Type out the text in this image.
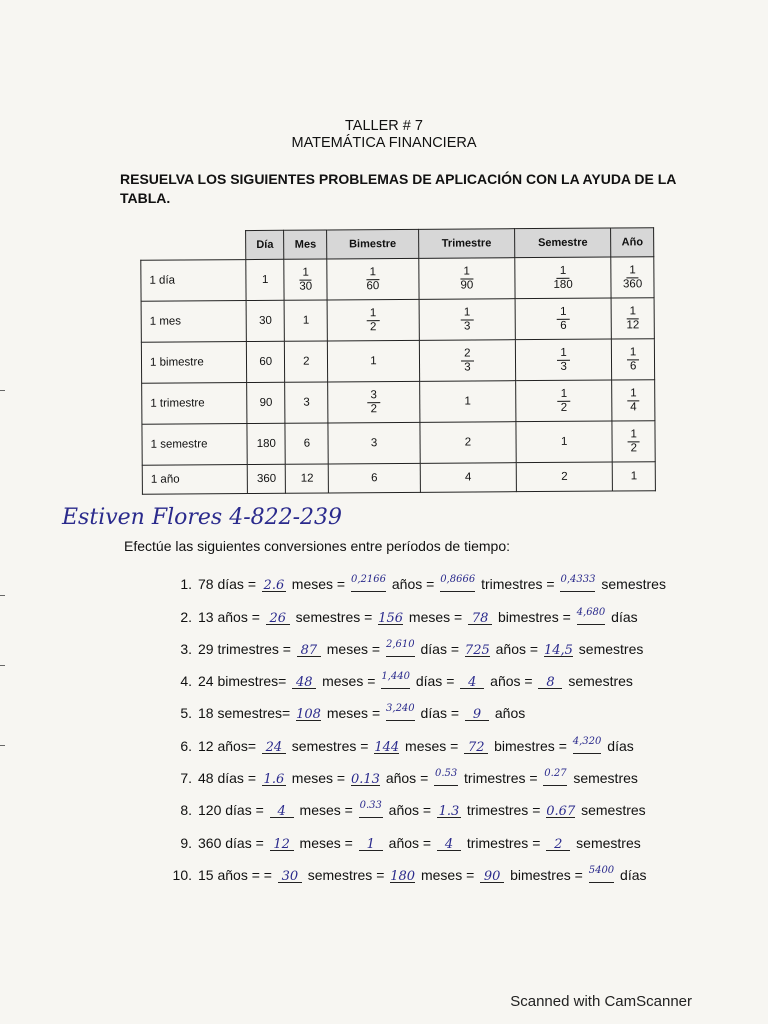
TALLER # 7
MATEMÁTICA FINANCIERA
RESUELVA LOS SIGUIENTES PROBLEMAS DE APLICACIÓN CON LA AYUDA DE LA TABLA.
Día	Mes	Bimestre	Trimestre	Semestre	Año
1 día	1	$\frac{1}{30}$	$\frac{1}{60}$	$\frac{1}{90}$	$\frac{1}{180}$	$\frac{1}{360}$

1 mes	30	1	$\frac{1}{2}$	$\frac{1}{3}$	$\frac{1}{6}$	$\frac{1}{12}$

1 bimestre	60	2	1	$\frac{2}{3}$	$\frac{1}{3}$	$\frac{1}{6}$

1 trimestre	90	3	$\frac{3}{2}$	1	$\frac{1}{2}$	$\frac{1}{4}$

1 semestre	180	6	3	2	1	$\frac{1}{2}$

1 año	360	12	6	4	2	1
Estiven Flores 4-822-239
Efectúe las siguientes conversiones entre períodos de tiempo:
1. 78 días = 2.6 meses = $^{0,2166}$ años = $^{0,8666}$ trimestres = $^{0,4333}$ semestres
2. 13 años = 26 semestres = 156 meses = 78 bimestres = $^{4,680}$ días
3. 29 trimestres = 87 meses = $^{2,610}$ días = 725 años = 14,5 semestres
4. 24 bimestres= 48 meses = $^{1,440}$ días = 4 años = 8 semestres
5. 18 semestres= 108 meses = $^{3,240}$ días = 9 años
6. 12 años= 24 semestres = 144 meses = 72 bimestres = $^{4,320}$ días
7. 48 días = 1.6 meses = 0.13 años = $^{0.53}$ trimestres = $^{0.27}$ semestres
8. 120 días = 4 meses = $^{0.33}$ años = 1.3 trimestres = 0.67 semestres
9. 360 días = 12 meses = 1 años = 4 trimestres = 2 semestres
10. 15 años = = 30 semestres = 180 meses = 90 bimestres = $^{5400}$ días
Scanned with CamScanner
